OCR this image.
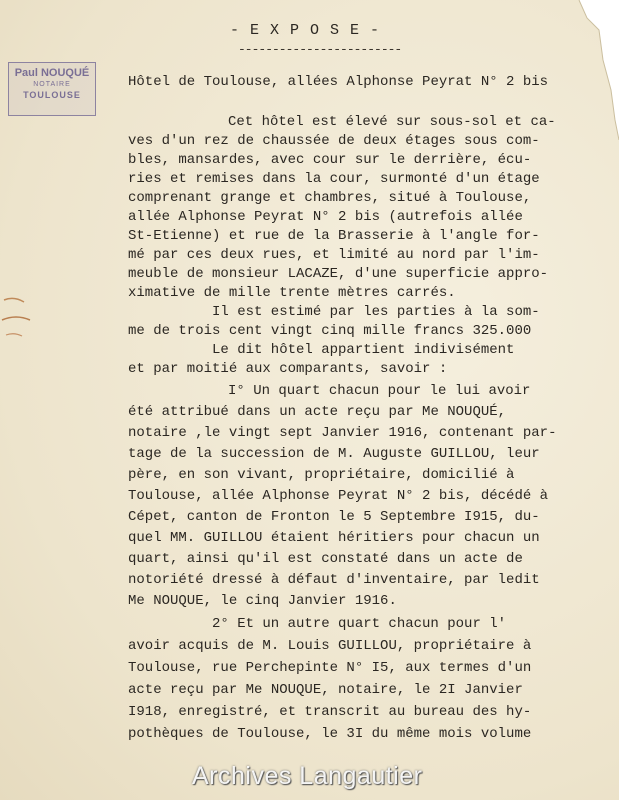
- E X P O S E -
------------------------
Paul NOUQUÉ
NOTAIRE
TOULOUSE
Hôtel de Toulouse, allées Alphonse Peyrat N° 2 bis
Cet hôtel est élevé sur sous-sol et ca-
ves d'un rez de chaussée de deux étages sous com-
bles, mansardes, avec cour sur le derrière, écu-
ries et remises dans la cour, surmonté d'un étage
comprenant grange et chambres, situé à Toulouse,
allée Alphonse Peyrat N° 2 bis (autrefois allée
St-Etienne) et rue de la Brasserie à l'angle for-
mé par ces deux rues, et limité au nord par l'im-
meuble de monsieur LACAZE, d'une superficie appro-
ximative de mille trente mètres carrés.
Il est estimé par les parties à la som-
me de trois cent vingt cinq mille francs 325.000
Le dit hôtel appartient indivisément
et par moitié aux comparants, savoir :
I° Un quart chacun pour le lui avoir
été attribué dans un acte reçu par Me NOUQUÉ,
notaire ,le vingt sept Janvier 1916, contenant par-
tage de la succession de M. Auguste GUILLOU, leur
père, en son vivant, propriétaire, domicilié à
Toulouse, allée Alphonse Peyrat N° 2 bis, décédé à
Cépet, canton de Fronton le 5 Septembre I915, du-
quel MM. GUILLOU étaient héritiers pour chacun un
quart, ainsi qu'il est constaté dans un acte de
notoriété dressé à défaut d'inventaire, par ledit
Me NOUQUE, le cinq Janvier 1916.
2° Et un autre quart chacun pour l'
avoir acquis de M. Louis GUILLOU, propriétaire à
Toulouse, rue Perchepinte N° I5, aux termes d'un
acte reçu par Me NOUQUE, notaire, le 2I Janvier
I918, enregistré, et transcrit au bureau des hy-
pothèques de Toulouse, le 3I du même mois volume
Archives Langautier
